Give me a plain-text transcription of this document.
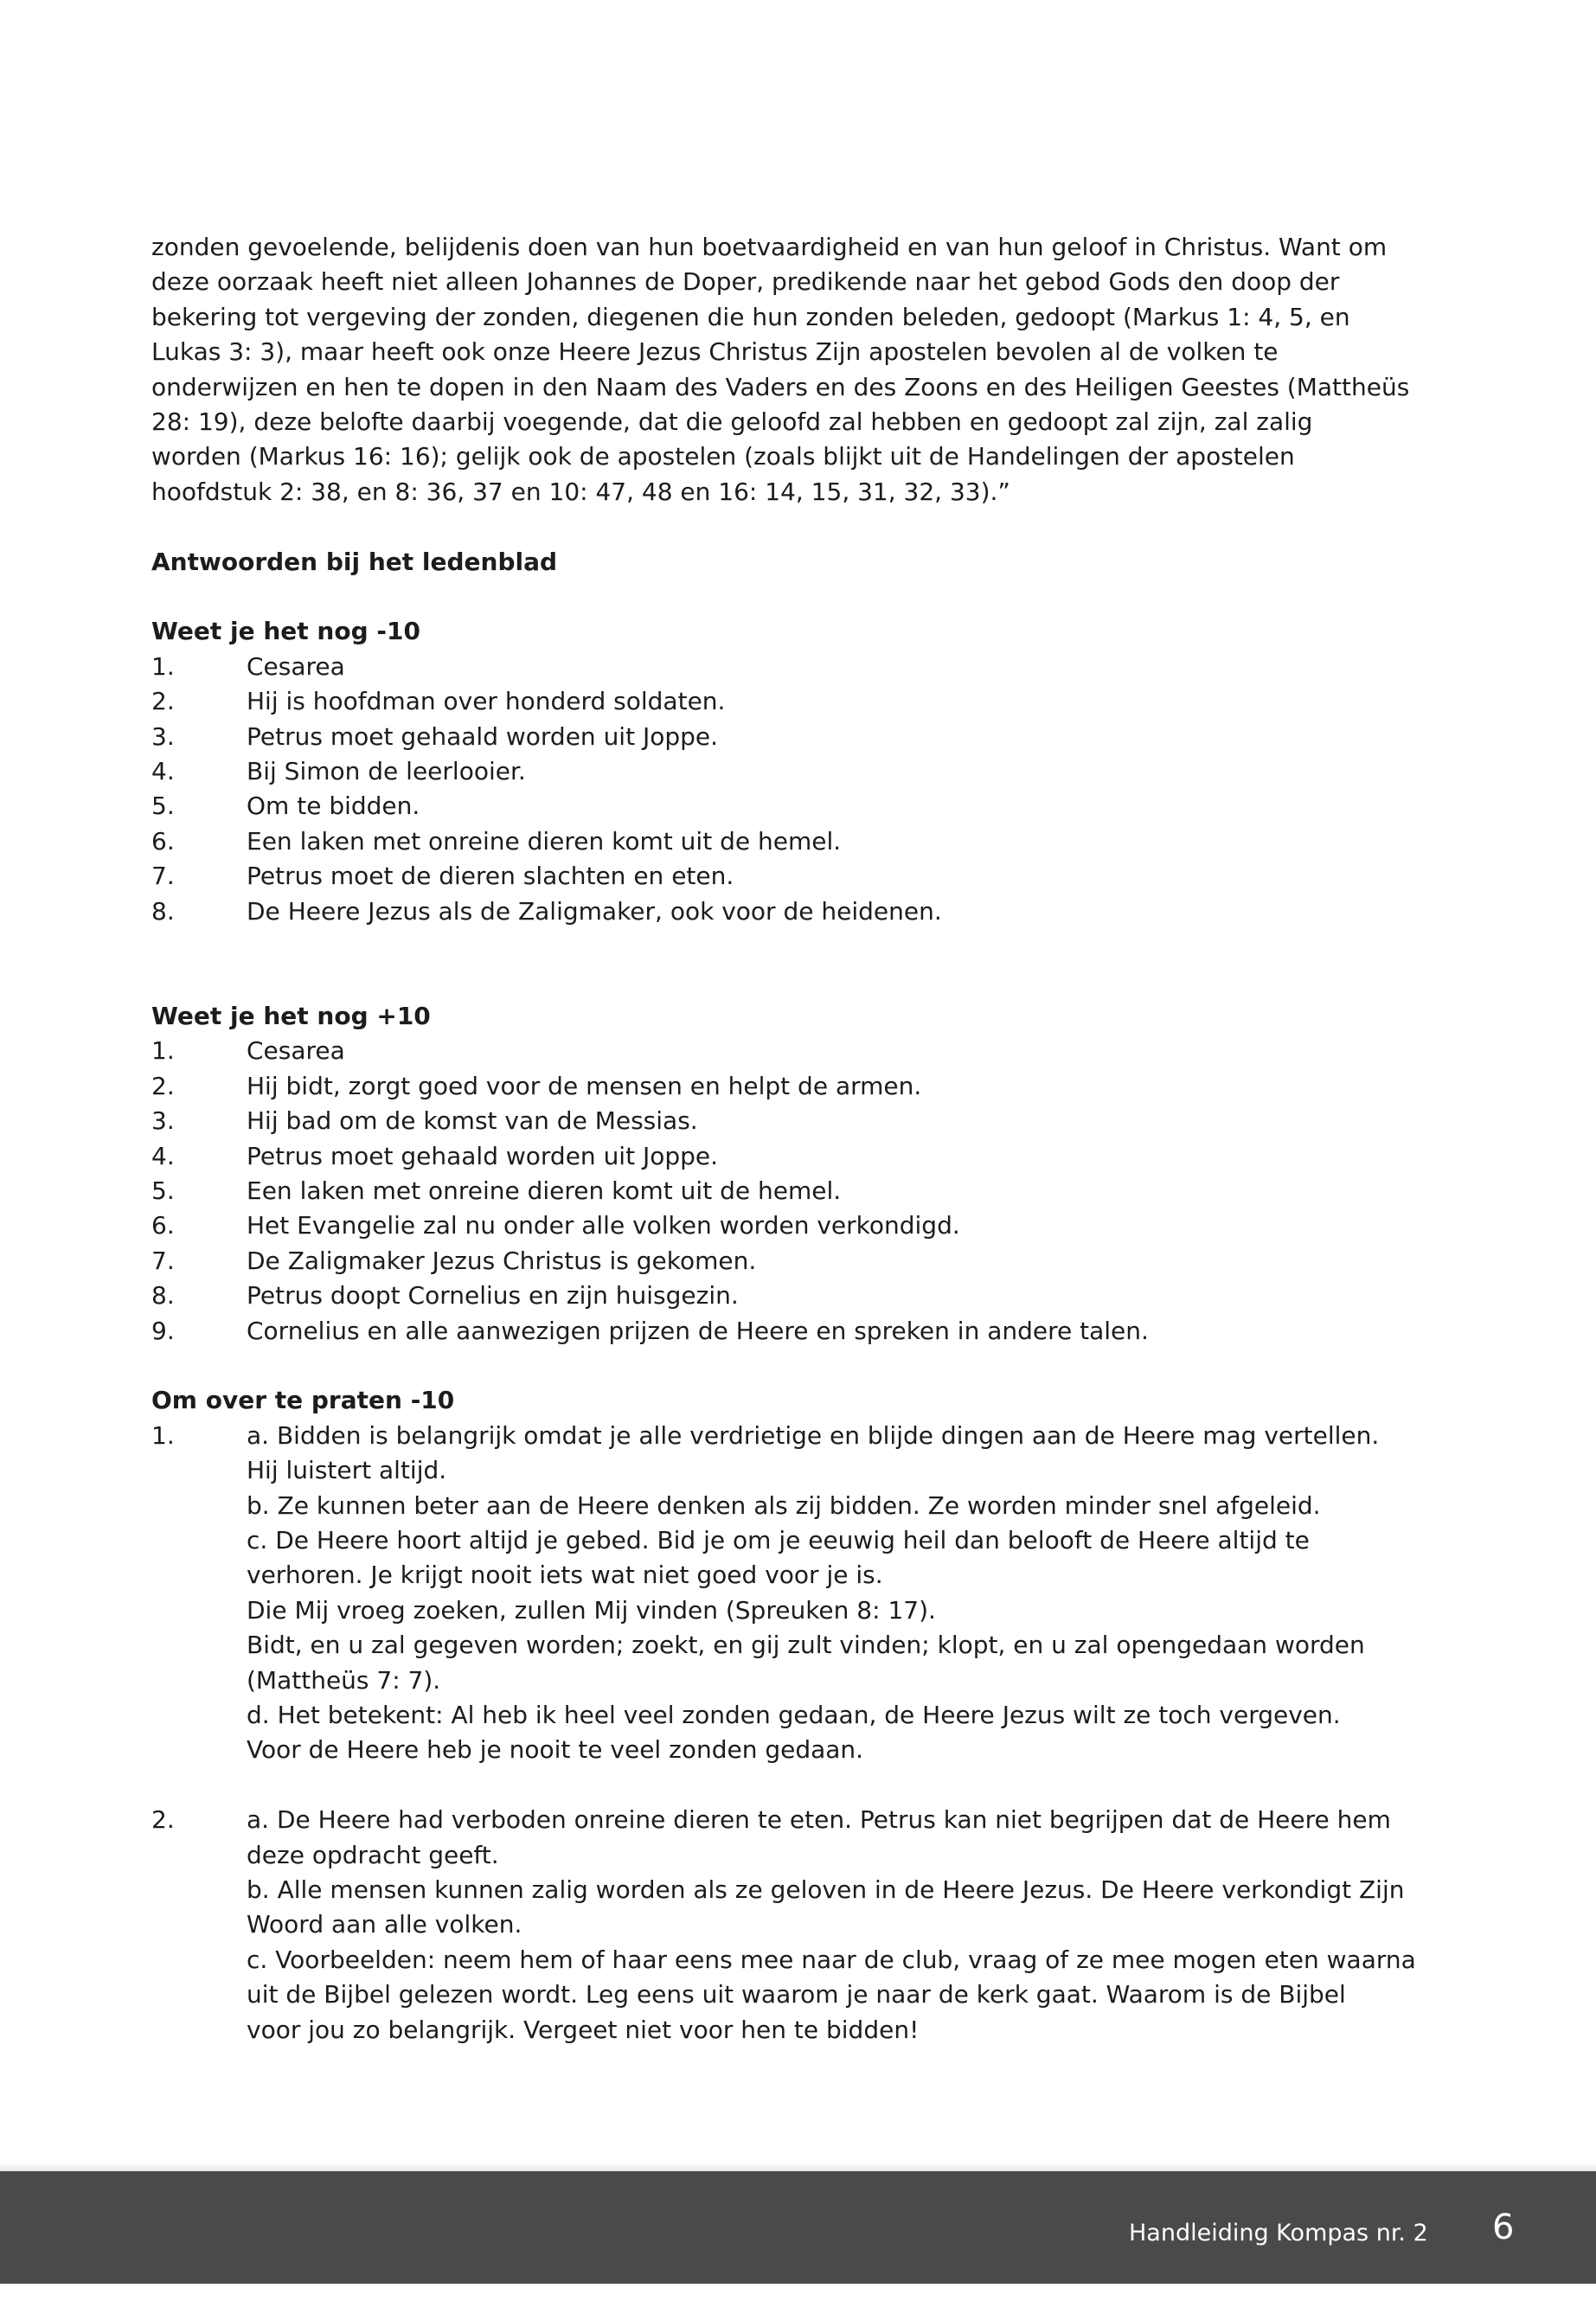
zonden gevoelende, belijdenis doen van hun boetvaardigheid en van hun geloof in Christus. Want om

deze oorzaak heeft niet alleen Johannes de Doper, predikende naar het gebod Gods den doop der

bekering tot vergeving der zonden, diegenen die hun zonden beleden, gedoopt (Markus 1: 4, 5, en

Lukas 3: 3), maar heeft ook onze Heere Jezus Christus Zijn apostelen bevolen al de volken te

onderwijzen en hen te dopen in den Naam des Vaders en des Zoons en des Heiligen Geestes (Mattheüs

28: 19), deze belofte daarbij voegende, dat die geloofd zal hebben en gedoopt zal zijn, zal zalig

worden (Markus 16: 16); gelijk ook de apostelen (zoals blijkt uit de Handelingen der apostelen

hoofdstuk 2: 38, en 8: 36, 37 en 10: 47, 48 en 16: 14, 15, 31, 32, 33).”

Antwoorden bij het ledenblad

Weet je het nog -10

1.	Cesarea
2.	Hij is hoofdman over honderd soldaten.
3.	Petrus moet gehaald worden uit Joppe.
4.	Bij Simon de leerlooier.
5.	Om te bidden.
6.	Een laken met onreine dieren komt uit de hemel.
7.	Petrus moet de dieren slachten en eten.
8.	De Heere Jezus als de Zaligmaker, ook voor de heidenen.

Weet je het nog +10

1.	Cesarea
2.	Hij bidt, zorgt goed voor de mensen en helpt de armen.
3.	Hij bad om de komst van de Messias.
4.	Petrus moet gehaald worden uit Joppe.
5.	Een laken met onreine dieren komt uit de hemel.
6.	Het Evangelie zal nu onder alle volken worden verkondigd.
7.	De Zaligmaker Jezus Christus is gekomen.
8.	Petrus doopt Cornelius en zijn huisgezin.
9.	Cornelius en alle aanwezigen prijzen de Heere en spreken in andere talen.

Om over te praten -10

1.	a. Bidden is belangrijk omdat je alle verdrietige en blijde dingen aan de Heere mag vertellen.
Hij luistert altijd.
b. Ze kunnen beter aan de Heere denken als zij bidden. Ze worden minder snel afgeleid.
c. De Heere hoort altijd je gebed. Bid je om je eeuwig heil dan belooft de Heere altijd te
verhoren. Je krijgt nooit iets wat niet goed voor je is.
Die Mij vroeg zoeken, zullen Mij vinden (Spreuken 8: 17).
Bidt, en u zal gegeven worden; zoekt, en gij zult vinden; klopt, en u zal opengedaan worden
(Mattheüs 7: 7).
d. Het betekent: Al heb ik heel veel zonden gedaan, de Heere Jezus wilt ze toch vergeven.
Voor de Heere heb je nooit te veel zonden gedaan.
2.	a. De Heere had verboden onreine dieren te eten. Petrus kan niet begrijpen dat de Heere hem
deze opdracht geeft.
b. Alle mensen kunnen zalig worden als ze geloven in de Heere Jezus. De Heere verkondigt Zijn
Woord aan alle volken.
c. Voorbeelden: neem hem of haar eens mee naar de club, vraag of ze mee mogen eten waarna
uit de Bijbel gelezen wordt. Leg eens uit waarom je naar de kerk gaat. Waarom is de Bijbel
voor jou zo belangrijk. Vergeet niet voor hen te bidden!
Handleiding Kompas nr. 2 6
